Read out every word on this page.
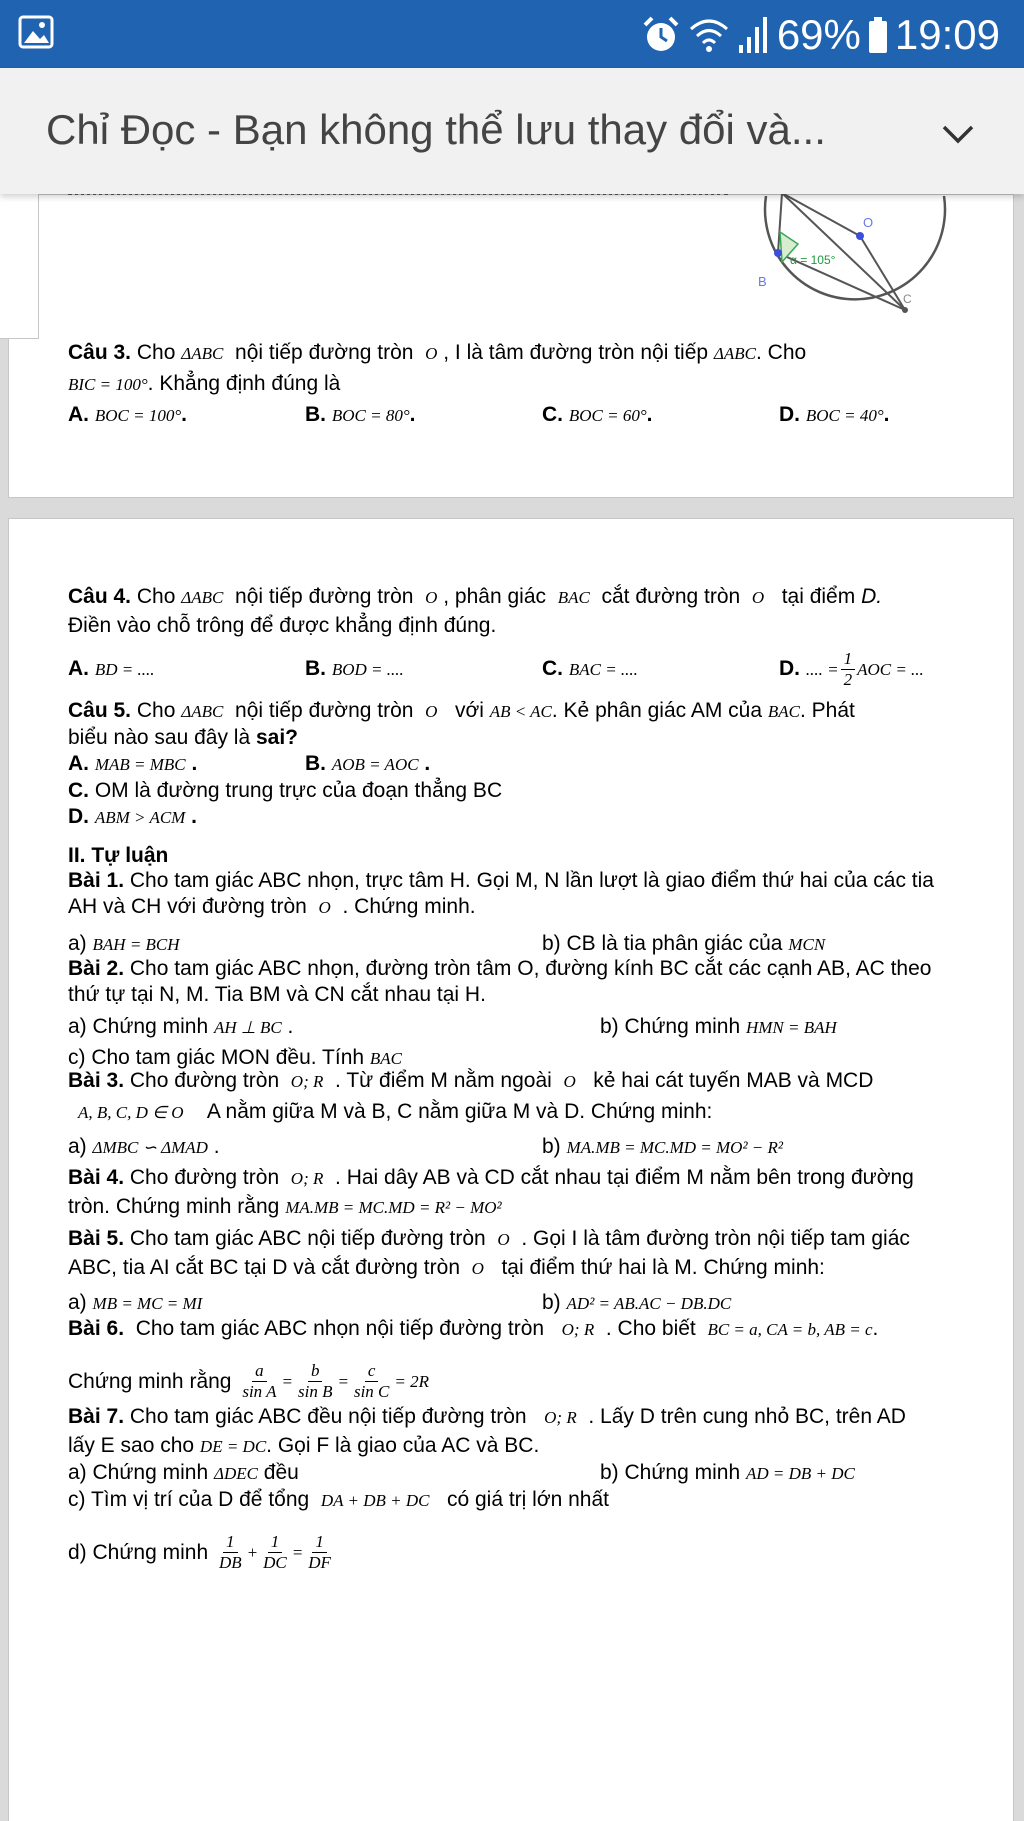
69% 19:09
Chỉ Đọc - Bạn không thể lưu thay đổi và...
α = 105°
O
B
C
Câu 3. Cho ΔABC nội tiếp đường tròn O , I là tâm đường tròn nội tiếp ΔABC. Cho
BIC = 100° . Khẳng định đúng là
A. BOC = 100°.	B. BOC = 80°.	C. BOC = 60°.	D. BOC = 40°.
Câu 4. Cho ΔABC nội tiếp đường tròn O , phân giác BAC cắt đường tròn O tại điểm D.
Điền vào chỗ trông để được khẳng định đúng.
A. BD = ....	B. BOD = ....	C. BAC = ....	D. .... = $\frac{1}{2}$ AOC = ...
Câu 5. Cho ΔABC nội tiếp đường tròn O với AB < AC. Kẻ phân giác AM của BAC. Phát
biểu nào sau đây là
sai?
A. MAB = MBC .	B. AOB = AOC .
C.
OM là đường trung trực của đoạn thẳng BC
D.
ABM > ACM
.
II. Tự luận
Bài 1. Cho tam giác ABC nhọn, trực tâm H. Gọi M, N lần lượt là giao điểm thứ hai của các tia
AH và CH với đường tròn
O
. Chứng minh.
a) BAH = BCH	b) CB là tia phân giác của MCN
Bài 2. Cho tam giác ABC nhọn, đường tròn tâm O, đường kính BC cắt các cạnh AB, AC theo
thứ tự tại N, M. Tia BM và CN cắt nhau tại H.
a) Chứng minh AH ⊥ BC .	b) Chứng minh HMN = BAH
c) Cho tam giác MON đều. Tính
BAC
Bài 3. Cho đường tròn O; R . Từ điểm M nằm ngoài O kẻ hai cát tuyến MAB và MCD
A, B, C, D ∈ O
A nằm giữa M và B, C nằm giữa M và D. Chứng minh:
a) ΔMBC ∽ ΔMAD .	b) MA.MB = MC.MD = MO² − R²
Bài 4. Cho đường tròn O; R . Hai dây AB và CD cắt nhau tại điểm M nằm bên trong đường
tròn. Chứng minh rằng
MA.MB = MC.MD = R² − MO²
Bài 5. Cho tam giác ABC nội tiếp đường tròn O . Gọi I là tâm đường tròn nội tiếp tam giác
ABC, tia AI cắt BC tại D và cắt đường tròn
O
tại điểm thứ hai là M. Chứng minh:
a) MB = MC = MI	b) AD² = AB.AC − DB.DC
Bài 6. Cho tam giác ABC nhọn nội tiếp đường tròn O; R . Cho biết BC = a, CA = b, AB = c.
Chứng minh rằng
$\frac{a}{\text{sin A}} = \frac{b}{\text{sin B}} = \frac{c}{\text{sin C}} = 2R$
Bài 7. Cho tam giác ABC đều nội tiếp đường tròn O; R . Lấy D trên cung nhỏ BC, trên AD
lấy E sao cho
DE = DC . Gọi F là giao của AC và BC.
a) Chứng minh ΔDEC đều	b) Chứng minh AD = DB + DC
c) Tìm vị trí của D để tổng
DA + DB + DC
có giá trị lớn nhất
d) Chứng minh
$\frac{1}{DB} + \frac{1}{DC} = \frac{1}{DF}$
